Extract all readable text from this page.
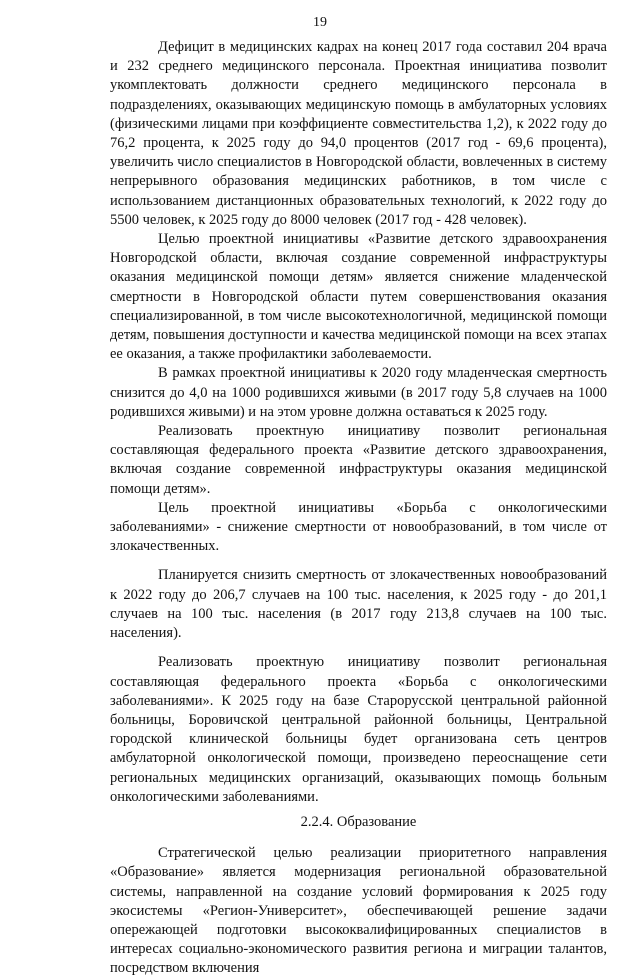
19

Дефицит в медицинских кадрах на конец 2017 года составил 204 врача и 232 среднего медицинского персонала. Проектная инициатива позволит укомплектовать должности среднего медицинского персонала в подразделениях, оказывающих медицинскую помощь в амбулаторных условиях (физическими лицами при коэффициенте совместительства 1,2), к 2022 году до 76,2 процента, к 2025 году до 94,0 процентов (2017 год - 69,6 процента), увеличить число специалистов в Новгородской области, вовлеченных в систему непрерывного образования медицинских работников, в том числе с использованием дистанционных образовательных технологий, к 2022 году до 5500 человек, к 2025 году до 8000 человек (2017 год - 428 человек).

Целью проектной инициативы «Развитие детского здравоохранения Новгородской области, включая создание современной инфраструктуры оказания медицинской помощи детям» является снижение младенческой смертности в Новгородской области путем совершенствования оказания специализированной, в том числе высокотехнологичной, медицинской помощи детям, повышения доступности и качества медицинской помощи на всех этапах ее оказания, а также профилактики заболеваемости.

В рамках проектной инициативы к 2020 году младенческая смертность снизится до 4,0 на 1000 родившихся живыми (в 2017 году 5,8 случаев на 1000 родившихся живыми) и на этом уровне должна оставаться к 2025 году.

Реализовать проектную инициативу позволит региональная составляющая федерального проекта «Развитие детского здравоохранения, включая создание современной инфраструктуры оказания медицинской помощи детям».

Цель проектной инициативы «Борьба с онкологическими заболеваниями» - снижение смертности от новообразований, в том числе от злокачественных.

Планируется снизить смертность от злокачественных новообразований к 2022 году до 206,7 случаев на 100 тыс. населения, к 2025 году - до 201,1 случаев на 100 тыс. населения (в 2017 году 213,8 случаев на 100 тыс. населения).

Реализовать проектную инициативу позволит региональная составляющая федерального проекта «Борьба с онкологическими заболеваниями». К 2025 году на базе Старорусской центральной районной больницы, Боровичской центральной районной больницы, Центральной городской клинической больницы будет организована сеть центров амбулаторной онкологической помощи, произведено переоснащение сети региональных медицинских организаций, оказывающих помощь больным онкологическими заболеваниями.

2.2.4. Образование

Стратегической целью реализации приоритетного направления «Образование» является модернизация региональной образовательной системы, направленной на создание условий формирования к 2025 году экосистемы «Регион-Университет», обеспечивающей решение задачи опережающей подготовки высококвалифицированных специалистов в интересах социально-экономического развития региона и миграции талантов, посредством включения
